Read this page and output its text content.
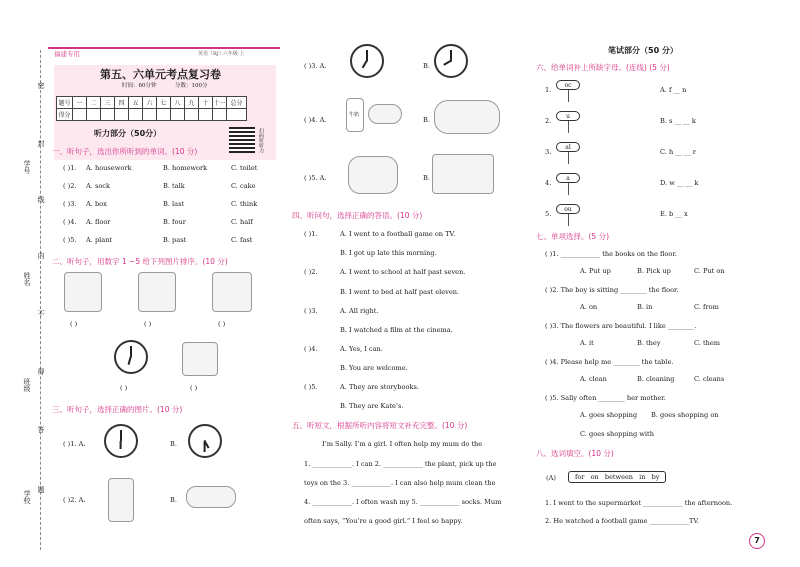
学号
姓名
班级
学校
密
封
线
内
不
得
答
题
福建专用	英语（RJ）·六年级·上
第五、六单元考点复习卷
时间：60分钟	分数：100分
题号	一	二	三	四	五	六	七	八	九	十	十一	总分
得分												
听力部分（50分）	扫码听听力
一、听句子，选出你所听到的单词。(10 分)
( )1. A. housework	B. homework	C. toilet
( )2. A. sock	B. talk	C. cake
( )3. A. box	B. last	C. think
( )4. A. floor	B. four	C. half
( )5. A. plant	B. past	C. fast
二、听句子，用数字 1 ~5 给下列图片排序。(10 分)
( )	( )	( )
( )	( )
三、听句子，选择正确的图片。(10 分)
( )1. A.	B.
( )2. A.	B.
( )3. A.	B.
( )4. A.
牛奶
B.
( )5. A.	B.
四、听问句，选择正确的答语。(10 分)
( )1.	A. I went to a football game on TV.
B. I got up late this morning.
( )2.	A. I went to school at half past seven.
B. I went to bed at half past eleven.
( )3.	A. All right.
B. I watched a film at the cinema.
( )4.	A. Yes, I can.
B. You are welcome.
( )5.	A. They are storybooks.
B. They are Kate’s.
五、听短文，根据所听内容将短文补充完整。(10 分)
I’m Sally. I’m a girl. I often help my mum do the
1. ____________. I can 2. ____________ the plant, pick up the
toys on the 3. ____________. I can also help mum clean the
4. ____________. I often wash my 5. ____________ socks. Mum
often says, “You’re a good girl.” I feel so happy.
笔试部分（50 分）
六、给单词补上所缺字母。(连线) (5 分)
1.
oc
A. f __ n
2.
u
B. s __ __ k
3.
al
C. h __ __ r
4.
a
D. w __ __ k
5.
ou
E. b __ x
七、单项选择。(5 分)
( )1. ____________ the books on the floor.
A. Put up	B. Pick up	C. Put on
( )2. The boy is sitting ________ the floor.
A. on	B. in	C. from
( )3. The flowers are beautiful. I like ________.
A. it	B. they	C. them
( )4. Please help me ________ the table.
A. clean	B. cleaning	C. cleans
( )5. Sally often ________ her mother.
A. goes shopping B. goes shopping on
C. goes shopping with
八、选词填空。(10 分)
(A)	for   on   between   in   by
1. I went to the supermarket ____________ the afternoon.
2. He watched a football game ____________TV.
7
